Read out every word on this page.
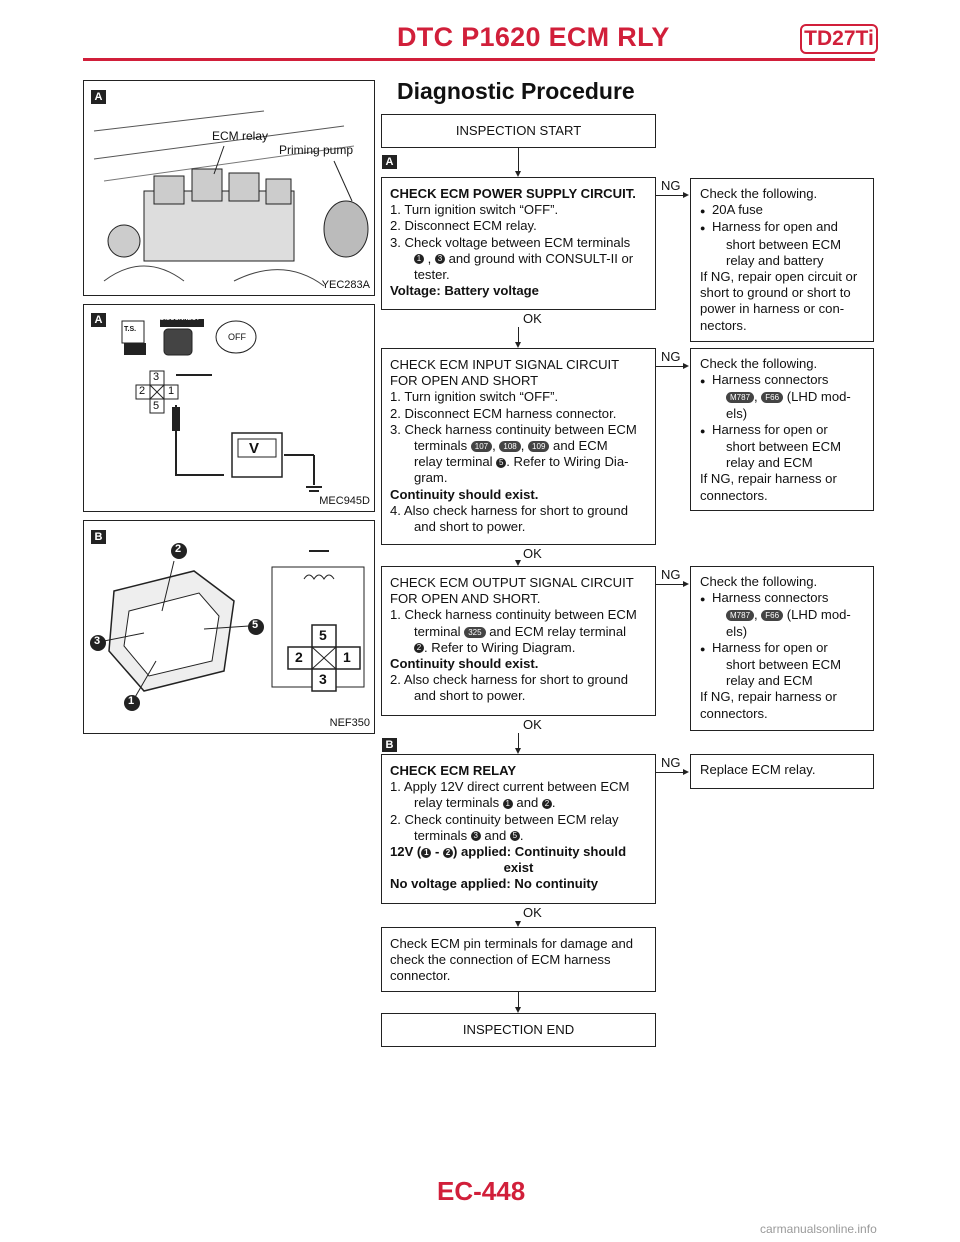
DTC P1620 ECM RLY	TD27Ti
Diagnostic Procedure
A
ECM relay
Priming pump
YEC283A
A
T.S.
DISCONNECT
OFF
3
2 1
5
V
MEC945D
B
2
3
5
1
5
2	1
3
NEF350
INSPECTION START
A
CHECK ECM POWER SUPPLY CIRCUIT.
1. Turn ignition switch “OFF”.
2. Disconnect ECM relay.
3. Check voltage between ECM terminals
1 , 3 and ground with CONSULT-II or
tester.
Voltage: Battery voltage
OK
NG
Check the following.
● 20A fuse
● Harness for open and
short between ECM
relay and battery
If NG, repair open circuit or
short to ground or short to
power in harness or con-
nectors.
CHECK ECM INPUT SIGNAL CIRCUIT
FOR OPEN AND SHORT
1. Turn ignition switch “OFF”.
2. Disconnect ECM harness connector.
3. Check harness continuity between ECM
terminals 107 , 108 , 109 and ECM
relay terminal 5 . Refer to Wiring Dia-
gram.
Continuity should exist.
4. Also check harness for short to ground
and short to power.
OK
NG Check the following.
● Harness connectors
M787 , F66 (LHD mod-
els)
● Harness for open or
short between ECM
relay and ECM
If NG, repair harness or
connectors.
CHECK ECM OUTPUT SIGNAL CIRCUIT
FOR OPEN AND SHORT.
1. Check harness continuity between ECM
terminal 325 and ECM relay terminal
2 . Refer to Wiring Diagram.
Continuity should exist.
2. Also check harness for short to ground
and short to power.
OK
NG Check the following.
● Harness connectors
M787 , F66 (LHD mod-
els)
● Harness for open or
short between ECM
relay and ECM
If NG, repair harness or
connectors.
B
CHECK ECM RELAY
1. Apply 12V direct current between ECM
relay terminals 1 and 2 .
2. Check continuity between ECM relay
terminals 3 and 5 .
12V ( 1 - 2 ) applied: Continuity should
exist
No voltage applied: No continuity
OK
NG Replace ECM relay.
Check ECM pin terminals for damage and
check the connection of ECM harness
connector.
INSPECTION END
EC-448
carmanualsonline.info
